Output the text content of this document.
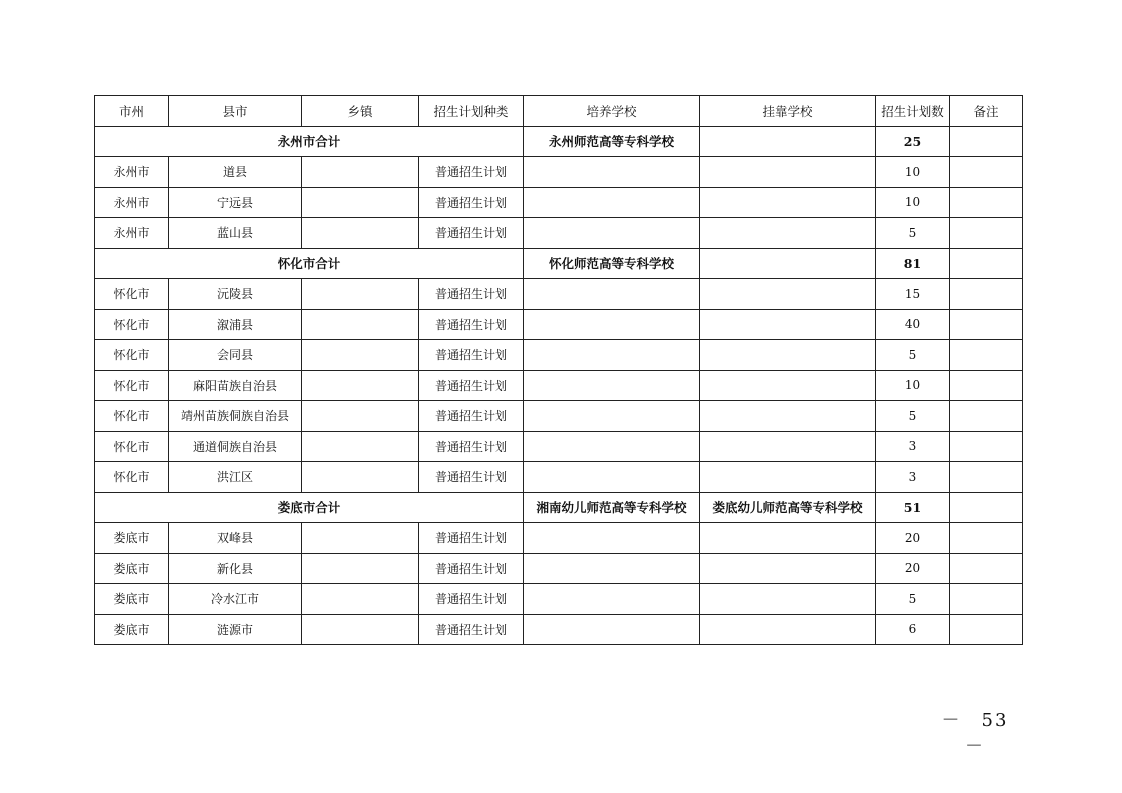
市州	县市	乡镇	招生计划种类	培养学校	挂靠学校	招生计划数	备注
永州市合计				永州师范高等专科学校		25	
永州市	道县		普通招生计划			10	
永州市	宁远县		普通招生计划			10	
永州市	蓝山县		普通招生计划			5	
怀化市合计				怀化师范高等专科学校		81	
怀化市	沅陵县		普通招生计划			15	
怀化市	溆浦县		普通招生计划			40	
怀化市	会同县		普通招生计划			5	
怀化市	麻阳苗族自治县		普通招生计划			10	
怀化市	靖州苗族侗族自治县		普通招生计划			5	
怀化市	通道侗族自治县		普通招生计划			3	
怀化市	洪江区		普通招生计划			3	
娄底市合计				湘南幼儿师范高等专科学校	娄底幼儿师范高等专科学校	51	
娄底市	双峰县		普通招生计划			20	
娄底市	新化县		普通招生计划			20	
娄底市	冷水江市		普通招生计划			5	
娄底市	涟源市		普通招生计划			6	
－　53　－
